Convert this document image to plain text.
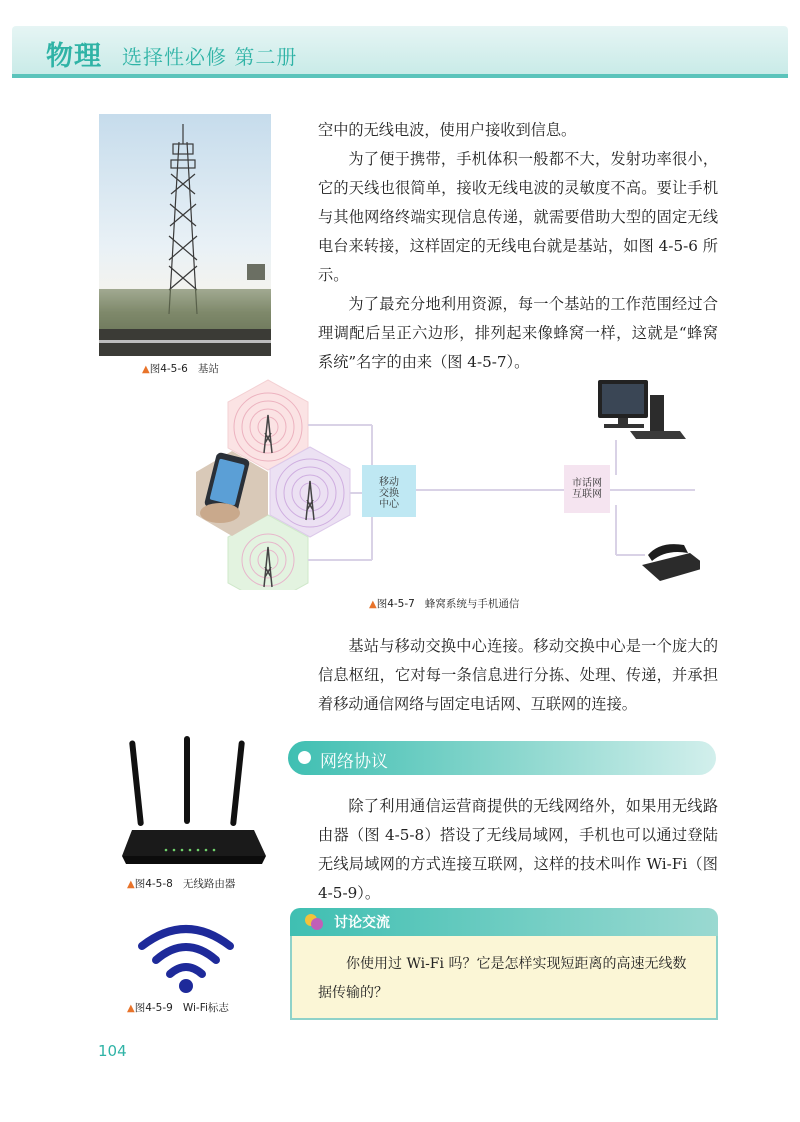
物理 选择性必修 第二册
▲图4-5-6 基站

空中的无线电波，使用户接收到信息。

为了便于携带，手机体积一般都不大，发射功率很小，它的天线也很简单，接收无线电波的灵敏度不高。要让手机与其他网络终端实现信息传递，就需要借助大型的固定无线电台来转接，这样固定的无线电台就是基站，如图 4-5-6 所示。

为了最充分地利用资源，每一个基站的工作范围经过合理调配后呈正六边形，排列起来像蜂窝一样，这就是“蜂窝系统”名字的由来（图 4-5-7）。

移动交换中心
市话网互联网
▲图4-5-7 蜂窝系统与手机通信

基站与移动交换中心连接。移动交换中心是一个庞大的信息枢纽，它对每一条信息进行分拣、处理、传递，并承担着移动通信网络与固定电话网、互联网的连接。

▲图4-5-8 无线路由器
网络协议

除了利用通信运营商提供的无线网络外，如果用无线路由器（图 4-5-8）搭设了无线局域网，手机也可以通过登陆无线局域网的方式连接互联网，这样的技术叫作 Wi-Fi（图 4-5-9）。

▲图4-5-9 Wi-Fi标志
讨论交流

你使用过 Wi-Fi 吗？它是怎样实现短距离的高速无线数据传输的？

104
